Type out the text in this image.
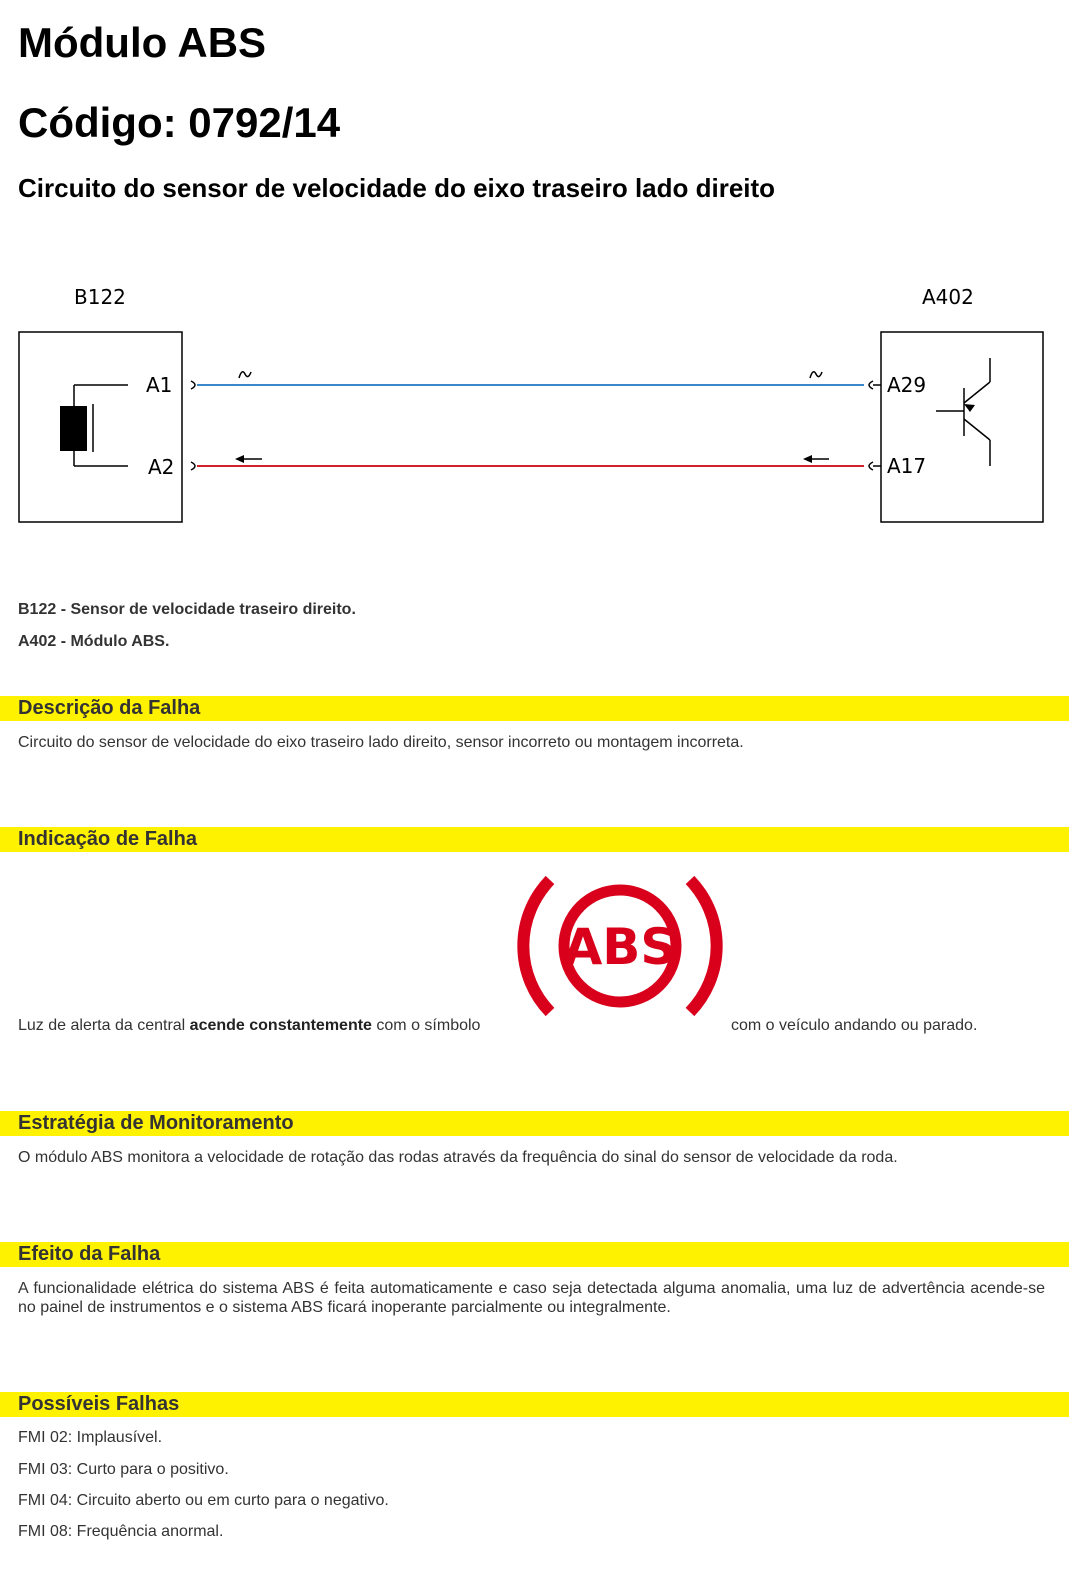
Módulo ABS
Código: 0792/14
Circuito do sensor de velocidade do eixo traseiro lado direito
B122	A402
A1
A2
A29
A17

B122 - Sensor de velocidade traseiro direito.

A402 - Módulo ABS.

Descrição da Falha

Circuito do sensor de velocidade do eixo traseiro lado direito, sensor incorreto ou montagem incorreta.

Indicação de Falha

Luz de alerta da central acende constantemente com o símbolo

ABS

com o veículo andando ou parado.

Estratégia de Monitoramento

O módulo ABS monitora a velocidade de rotação das rodas através da frequência do sinal do sensor de velocidade da roda.

Efeito da Falha

A funcionalidade elétrica do sistema ABS é feita automaticamente e caso seja detectada alguma anomalia, uma luz de advertência acende-se no painel de instrumentos e o sistema ABS ficará inoperante parcialmente ou integralmente.

Possíveis Falhas

FMI 02: Implausível.

FMI 03: Curto para o positivo.

FMI 04: Circuito aberto ou em curto para o negativo.

FMI 08: Frequência anormal.
